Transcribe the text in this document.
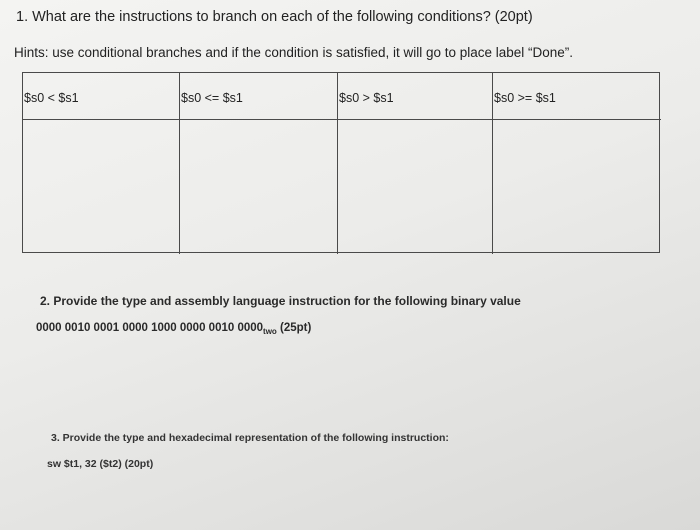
1. What are the instructions to branch on each of the following conditions? (20pt)
Hints: use conditional branches and if the condition is satisfied, it will go to place label “Done”.
$s0 < $s1	$s0 <= $s1	$s0 > $s1	$s0 >= $s1
2. Provide the type and assembly language instruction for the following binary value
0000 0010 0001 0000 1000 0000 0010 $0000_{two}$ (25pt)
3. Provide the type and hexadecimal representation of the following instruction:
sw $t1, 32 ($t2) (20pt)
